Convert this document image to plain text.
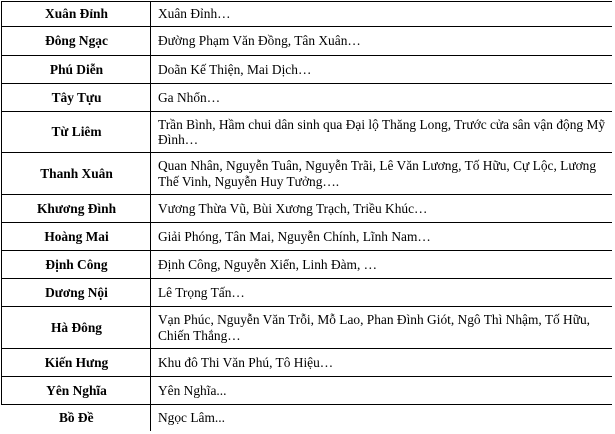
Xuân Đỉnh	Xuân Đỉnh…
Đông Ngạc	Đường Phạm Văn Đồng, Tân Xuân…
Phú Diễn	Doãn Kế Thiện, Mai Dịch…
Tây Tựu	Ga Nhổn…
Từ Liêm	Trần Bình, Hầm chui dân sinh qua Đại lộ Thăng Long, Trước cửa sân vận động Mỹ Đình…
Thanh Xuân	Quan Nhân, Nguyễn Tuân, Nguyễn Trãi, Lê Văn Lương, Tố Hữu, Cự Lộc, Lương Thế Vinh, Nguyễn Huy Tưởng….
Khương Đình	Vương Thừa Vũ, Bùi Xương Trạch, Triều Khúc…
Hoàng Mai	Giải Phóng, Tân Mai, Nguyễn Chính, Lĩnh Nam…
Định Công	Định Công, Nguyễn Xiển, Linh Đàm, …
Dương Nội	Lê Trọng Tấn…
Hà Đông	Vạn Phúc, Nguyễn Văn Trỗi, Mỗ Lao, Phan Đình Giót, Ngô Thì Nhậm, Tố Hữu, Chiến Thắng…
Kiến Hưng	Khu đô Thi Văn Phú, Tô Hiệu…
Yên Nghĩa	Yên Nghĩa...
Bồ Đề	Ngọc Lâm...
